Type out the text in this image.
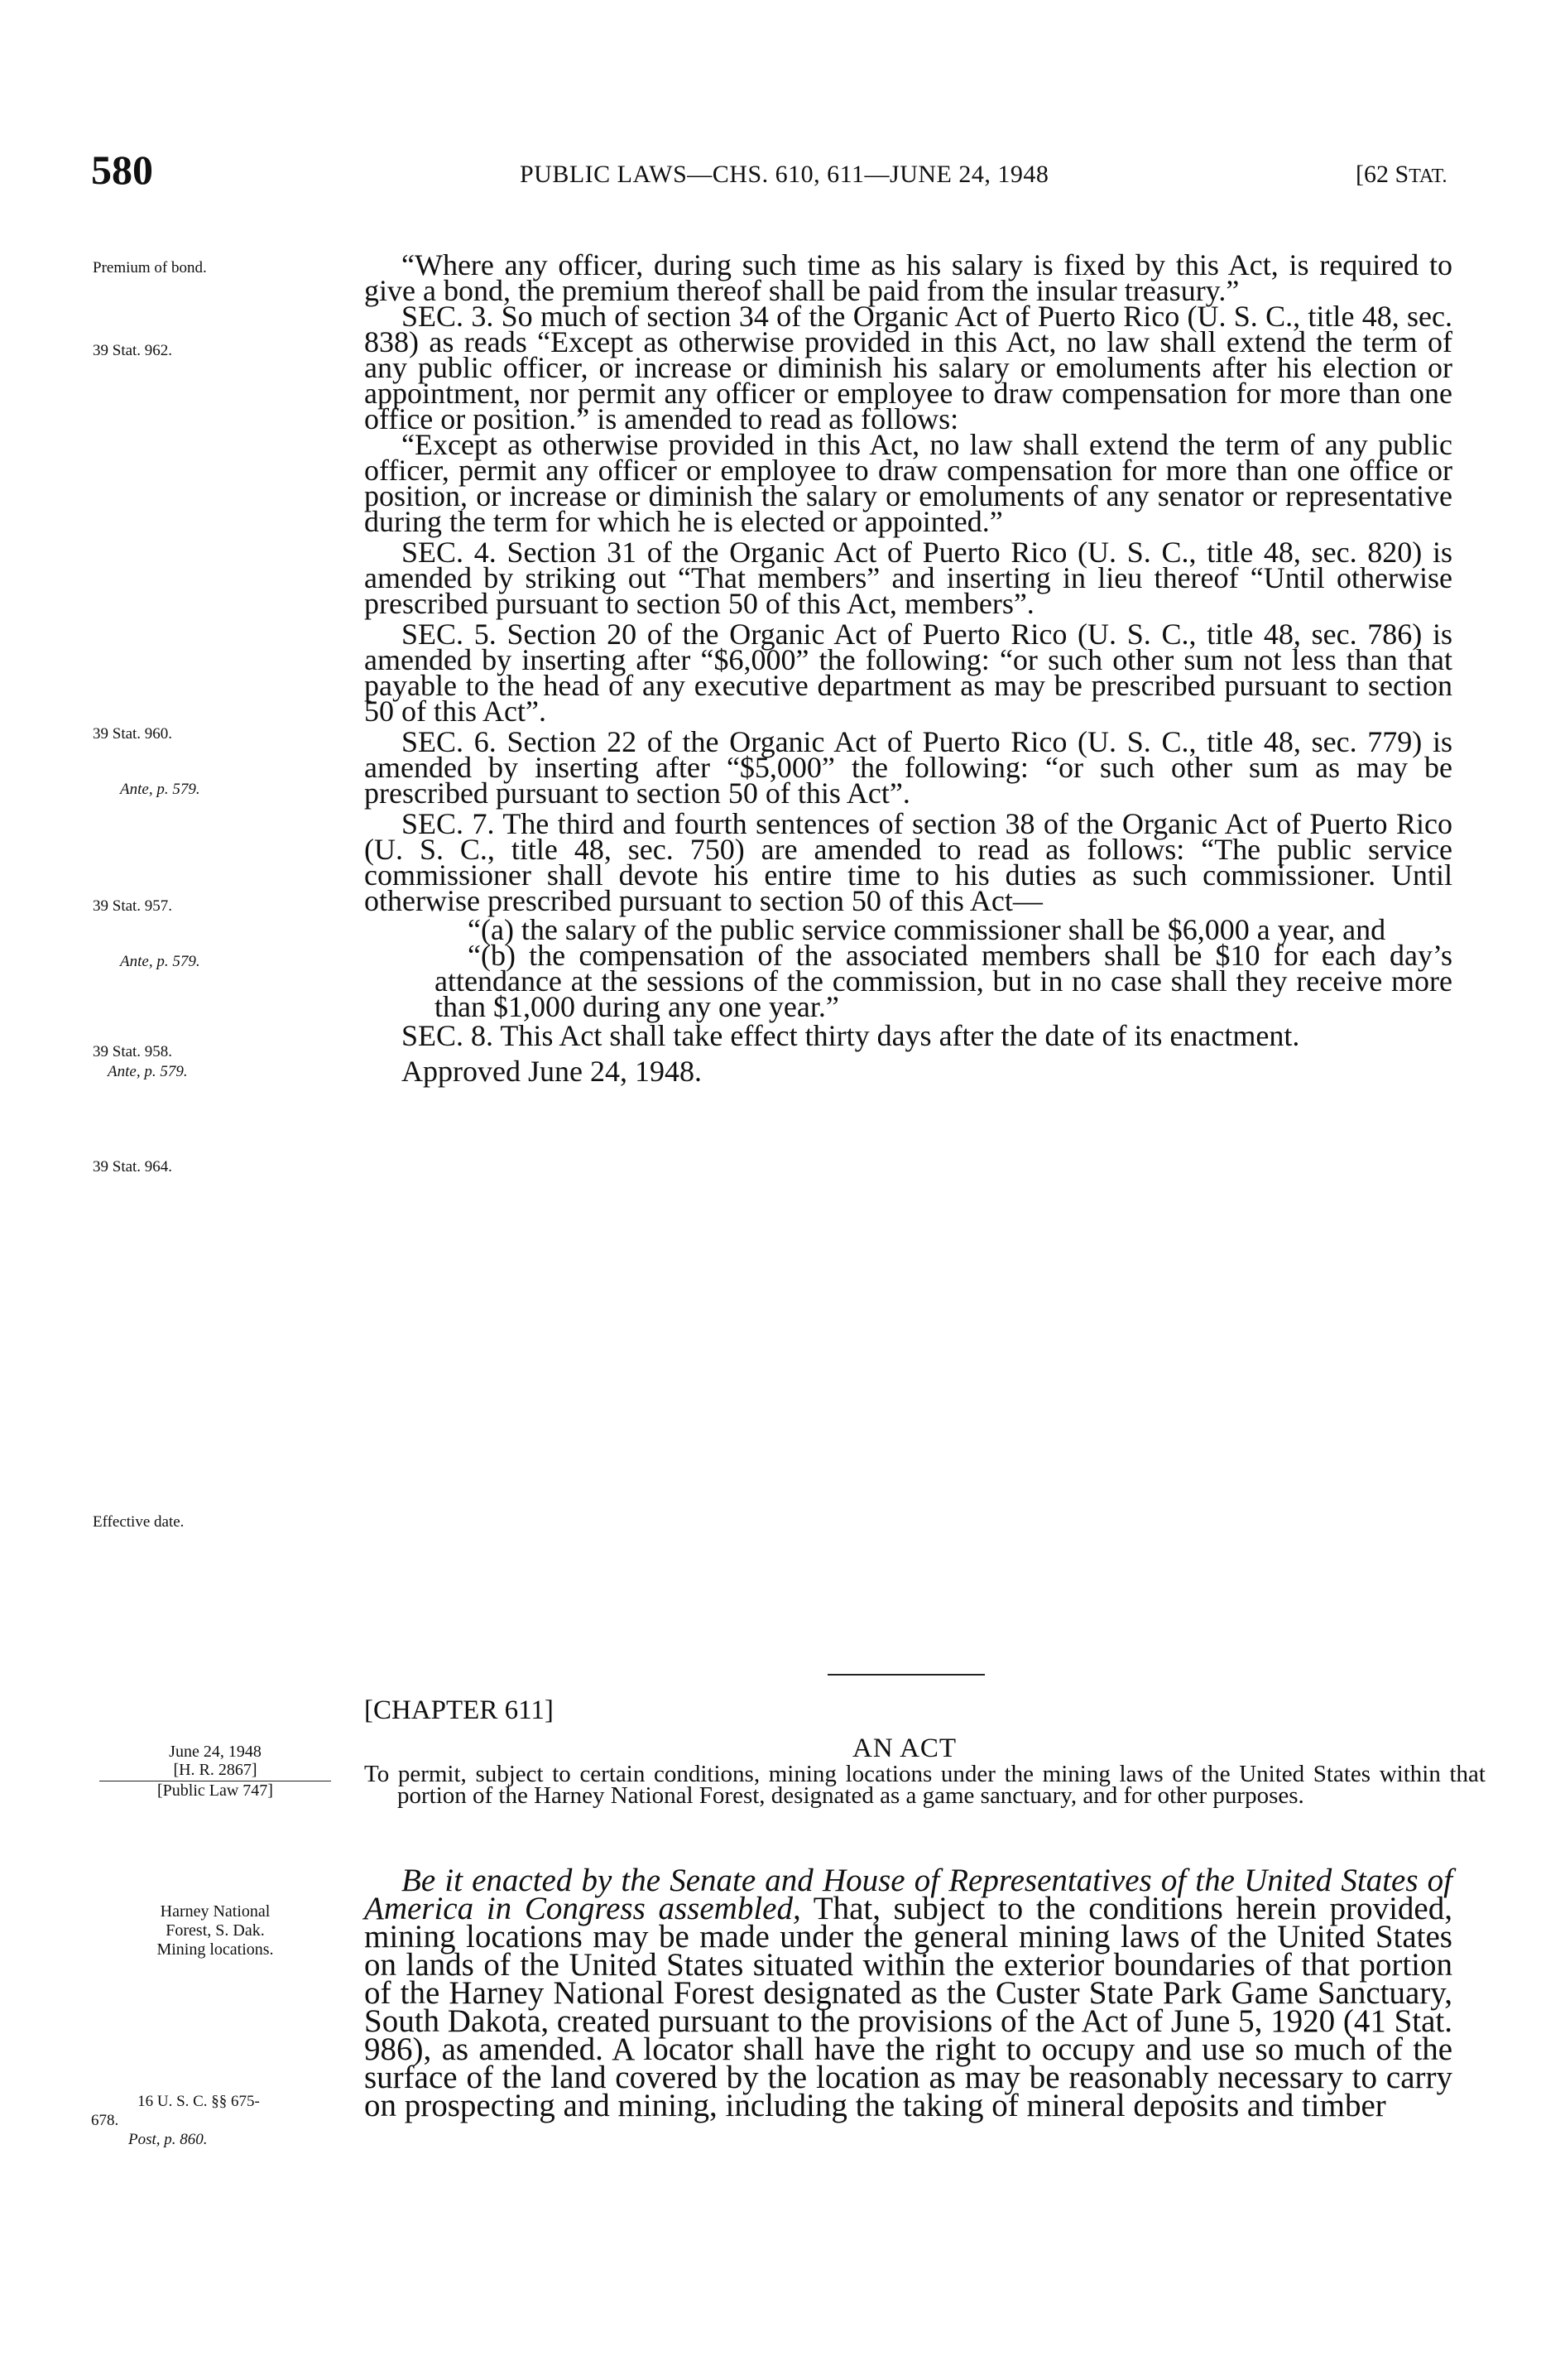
580	PUBLIC LAWS—CHS. 610, 611—JUNE 24, 1948	[62 STAT.
Premium of bond.
39 Stat. 962.
39 Stat. 960.
Ante, p. 579.
39 Stat. 957.
Ante, p. 579.
39 Stat. 958.
Ante, p. 579.
39 Stat. 964.
Effective date.

“Where any officer, during such time as his salary is fixed by this Act, is required to give a bond, the premium thereof shall be paid from the insular treasury.”

SEC. 3. So much of section 34 of the Organic Act of Puerto Rico (U. S. C., title 48, sec. 838) as reads “Except as otherwise provided in this Act, no law shall extend the term of any public officer, or increase or diminish his salary or emoluments after his election or appointment, nor permit any officer or employee to draw compensation for more than one office or position.” is amended to read as follows:

“Except as otherwise provided in this Act, no law shall extend the term of any public officer, permit any officer or employee to draw compensation for more than one office or position, or increase or diminish the salary or emoluments of any senator or representative during the term for which he is elected or appointed.”

SEC. 4. Section 31 of the Organic Act of Puerto Rico (U. S. C., title 48, sec. 820) is amended by striking out “That members” and inserting in lieu thereof “Until otherwise prescribed pursuant to section 50 of this Act, members”.

SEC. 5. Section 20 of the Organic Act of Puerto Rico (U. S. C., title 48, sec. 786) is amended by inserting after “$6,000” the following: “or such other sum not less than that payable to the head of any executive department as may be prescribed pursuant to section 50 of this Act”.

SEC. 6. Section 22 of the Organic Act of Puerto Rico (U. S. C., title 48, sec. 779) is amended by inserting after “$5,000” the following: “or such other sum as may be prescribed pursuant to section 50 of this Act”.

SEC. 7. The third and fourth sentences of section 38 of the Organic Act of Puerto Rico (U. S. C., title 48, sec. 750) are amended to read as follows: “The public service commissioner shall devote his entire time to his duties as such commissioner. Until otherwise prescribed pursuant to section 50 of this Act—

“(a) the salary of the public service commissioner shall be $6,000 a year, and

“(b) the compensation of the associated members shall be $10 for each day’s attendance at the sessions of the commission, but in no case shall they receive more than $1,000 during any one year.”

SEC. 8. This Act shall take effect thirty days after the date of its enactment.

Approved June 24, 1948.

[CHAPTER 611]
AN ACT
To permit, subject to certain conditions, mining locations under the mining laws of the United States within that portion of the Harney National Forest, designated as a game sanctuary, and for other purposes.
June 24, 1948
[H. R. 2867]
[Public Law 747]
Harney National
Forest, S. Dak.
Mining locations.
16 U. S. C. §§ 675-
678.
Post, p. 860.
Be it enacted by the Senate and House of Representatives of the United States of America in Congress assembled, That, subject to the conditions herein provided, mining locations may be made under the general mining laws of the United States on lands of the United States situated within the exterior boundaries of that portion of the Harney National Forest designated as the Custer State Park Game Sanctuary, South Dakota, created pursuant to the provisions of the Act of June 5, 1920 (41 Stat. 986), as amended. A locator shall have the right to occupy and use so much of the surface of the land covered by the location as may be reasonably necessary to carry on prospecting and mining, including the taking of mineral deposits and timber
